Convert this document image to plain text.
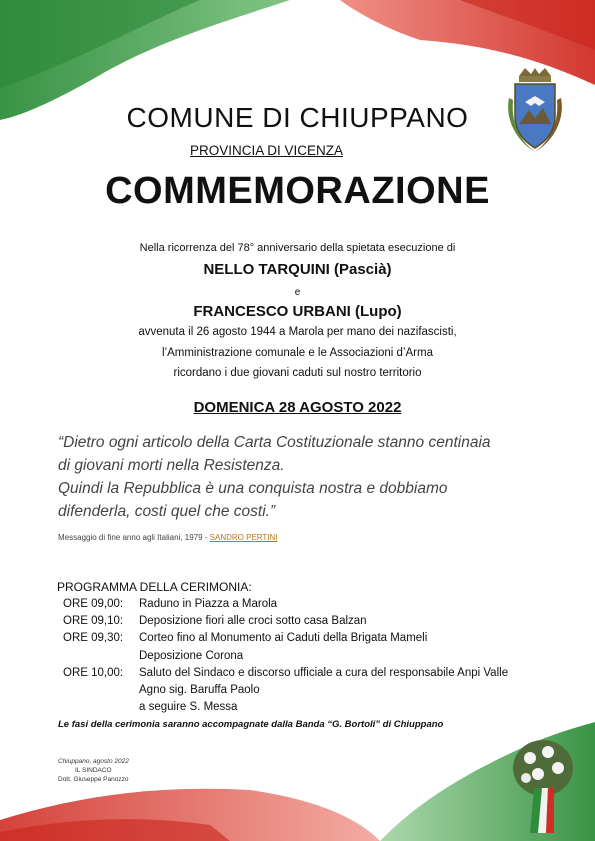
COMUNE DI CHIUPPANO
PROVINCIA DI VICENZA
COMMEMORAZIONE
Nella ricorrenza del 78° anniversario della spietata esecuzione di
NELLO TARQUINI (Pascià)
e
FRANCESCO URBANI (Lupo)
avvenuta il 26 agosto 1944 a Marola per mano dei nazifascisti,
l’Amministrazione comunale e le Associazioni d’Arma
ricordano i due giovani caduti sul nostro territorio
DOMENICA 28 AGOSTO 2022
“Dietro ogni articolo della Carta Costituzionale stanno centinaia
di giovani morti nella Resistenza.
Quindi la Repubblica è una conquista nostra e dobbiamo
difenderla, costi quel che costi.”
Messaggio di fine anno agli Italiani, 1979 - SANDRO PERTINI
PROGRAMMA DELLA CERIMONIA:
ORE 09,00: Raduno in Piazza a Marola
ORE 09,10: Deposizione fiori alle croci sotto casa Balzan
ORE 09,30: Corteo fino al Monumento ai Caduti della Brigata Mameli
Deposizione Corona
ORE 10,00: Saluto del Sindaco e discorso ufficiale a cura del responsabile Anpi Valle
Agno sig. Baruffa Paolo
a seguire S. Messa
Le fasi della cerimonia saranno accompagnate dalla Banda “G. Bortoli” di Chiuppano
Chiuppano, agosto 2022
IL SINDACO
Dott. Giuseppe Panozzo
